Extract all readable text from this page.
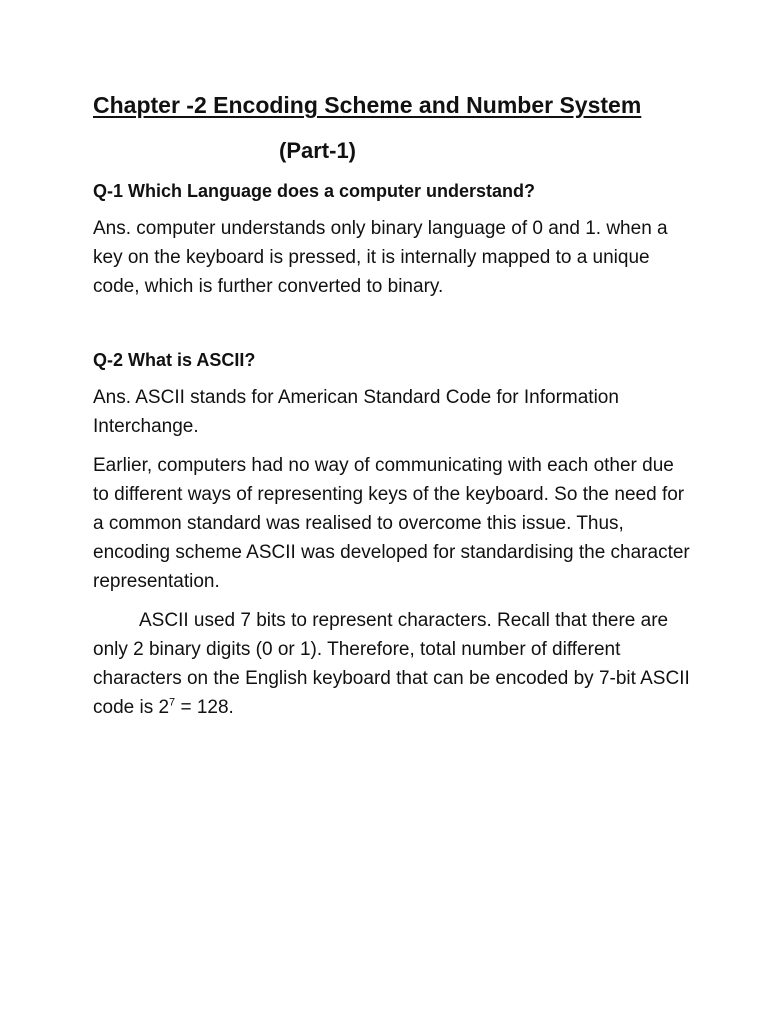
Chapter -2 Encoding Scheme and Number System
(Part-1)
Q-1 Which Language does a computer understand?

Ans. computer understands only binary language of 0 and 1. when a key on the keyboard is pressed, it is internally mapped to a unique code, which is further converted to binary.

Q-2 What is ASCII?

Ans. ASCII stands for American Standard Code for Information Interchange.

Earlier, computers had no way of communicating with each other due to different ways of representing keys of the keyboard. So the need for a common standard was realised to overcome this issue. Thus, encoding scheme ASCII was developed for standardising the character representation.

ASCII used 7 bits to represent characters. Recall that there are only 2 binary digits (0 or 1). Therefore, total number of different characters on the English keyboard that can be encoded by 7-bit ASCII code is $2^7 = 128$.
